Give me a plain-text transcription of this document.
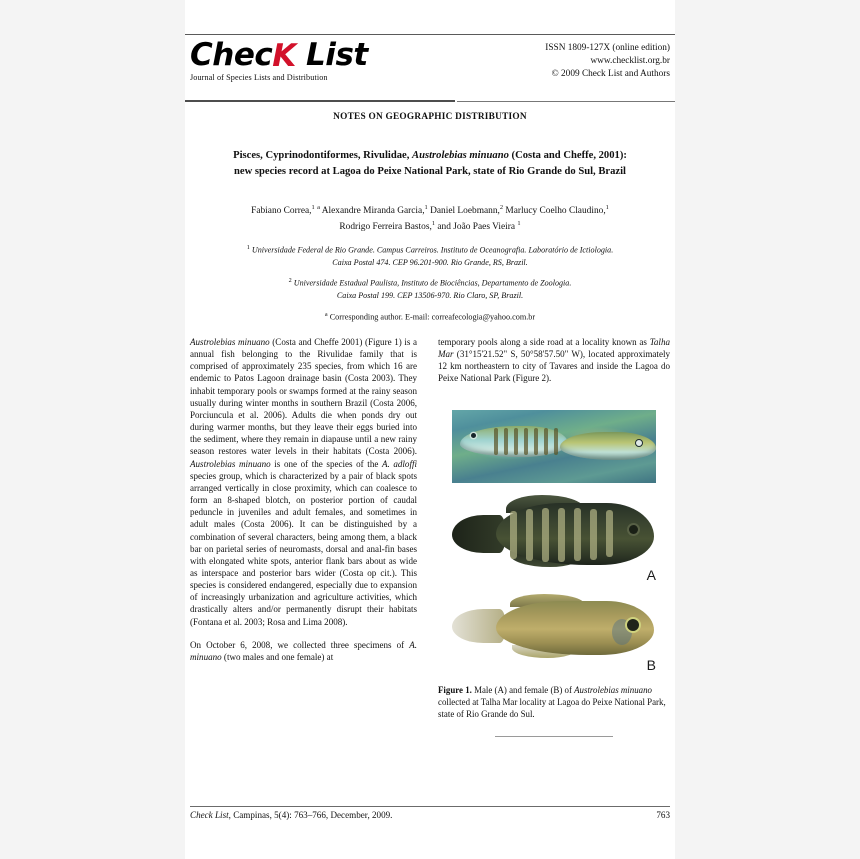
ChecK List
Journal of Species Lists and Distribution
ISSN 1809-127X (online edition)
www.checklist.org.br
© 2009 Check List and Authors
NOTES ON GEOGRAPHIC DISTRIBUTION
Pisces, Cyprinodontiformes, Rivulidae, Austrolebias minuano (Costa and Cheffe, 2001):
new species record at Lagoa do Peixe National Park, state of Rio Grande do Sul, Brazil
Fabiano Correa,$^1$ $^a$ Alexandre Miranda Garcia,$^1$ Daniel Loebmann,$^2$ Marlucy Coelho Claudino,$^1$
Rodrigo Ferreira Bastos,$^1$ and João Paes Vieira $^1$
$^1$ Universidade Federal de Rio Grande. Campus Carreiros. Instituto de Oceanografia. Laboratório de Ictiologia.
Caixa Postal 474. CEP 96.201-900. Rio Grande, RS, Brazil.
$^2$ Universidade Estadual Paulista, Instituto de Biociências, Departamento de Zoologia.
Caixa Postal 199. CEP 13506-970. Rio Claro, SP, Brazil.
$^a$ Corresponding author. E-mail: correafecologia@yahoo.com.br

Austrolebias minuano (Costa and Cheffe 2001) (Figure 1) is a annual fish belonging to the Rivulidae family that is comprised of approximately 235 species, from which 16 are endemic to Patos Lagoon drainage basin (Costa 2003). They inhabit temporary pools or swamps formed at the rainy season usually during winter months in southern Brazil (Costa 2006, Porciuncula et al. 2006). Adults die when ponds dry out during warmer months, but they leave their eggs buried into the sediment, where they remain in diapause until a new rainy season restores water levels in their habitats (Costa 2006). Austrolebias minuano is one of the species of the A. adloffi species group, which is characterized by a pair of black spots arranged vertically in close proximity, which can coalesce to form an 8-shaped blotch, on posterior portion of caudal peduncle in juveniles and adult females, and sometimes in adult males (Costa 2006). It can be distinguished by a combination of several characters, being among them, a black bar on parietal series of neuromasts, dorsal and anal-fin bases with elongated white spots, anterior flank bars about as wide as interspace and posterior bars wider (Costa op cit.). This species is considered endangered, especially due to expansion of increasingly urbanization and agriculture activities, which drastically alters and/or permanently disrupt their habitats (Fontana et al. 2003; Rosa and Lima 2008).

On October 6, 2008, we collected three specimens of A. minuano (two males and one female) at

temporary pools along a side road at a locality known as Talha Mar (31°15'21.52" S, 50°58'57.50" W), located approximately 12 km northeastern to city of Tavares and inside the Lagoa do Peixe National Park (Figure 2).

A
B
Figure 1. Male (A) and female (B) of Austrolebias minuano collected at Talha Mar locality at Lagoa do Peixe National Park, state of Rio Grande do Sul.
Check List, Campinas, 5(4): 763–766, December, 2009.	763
